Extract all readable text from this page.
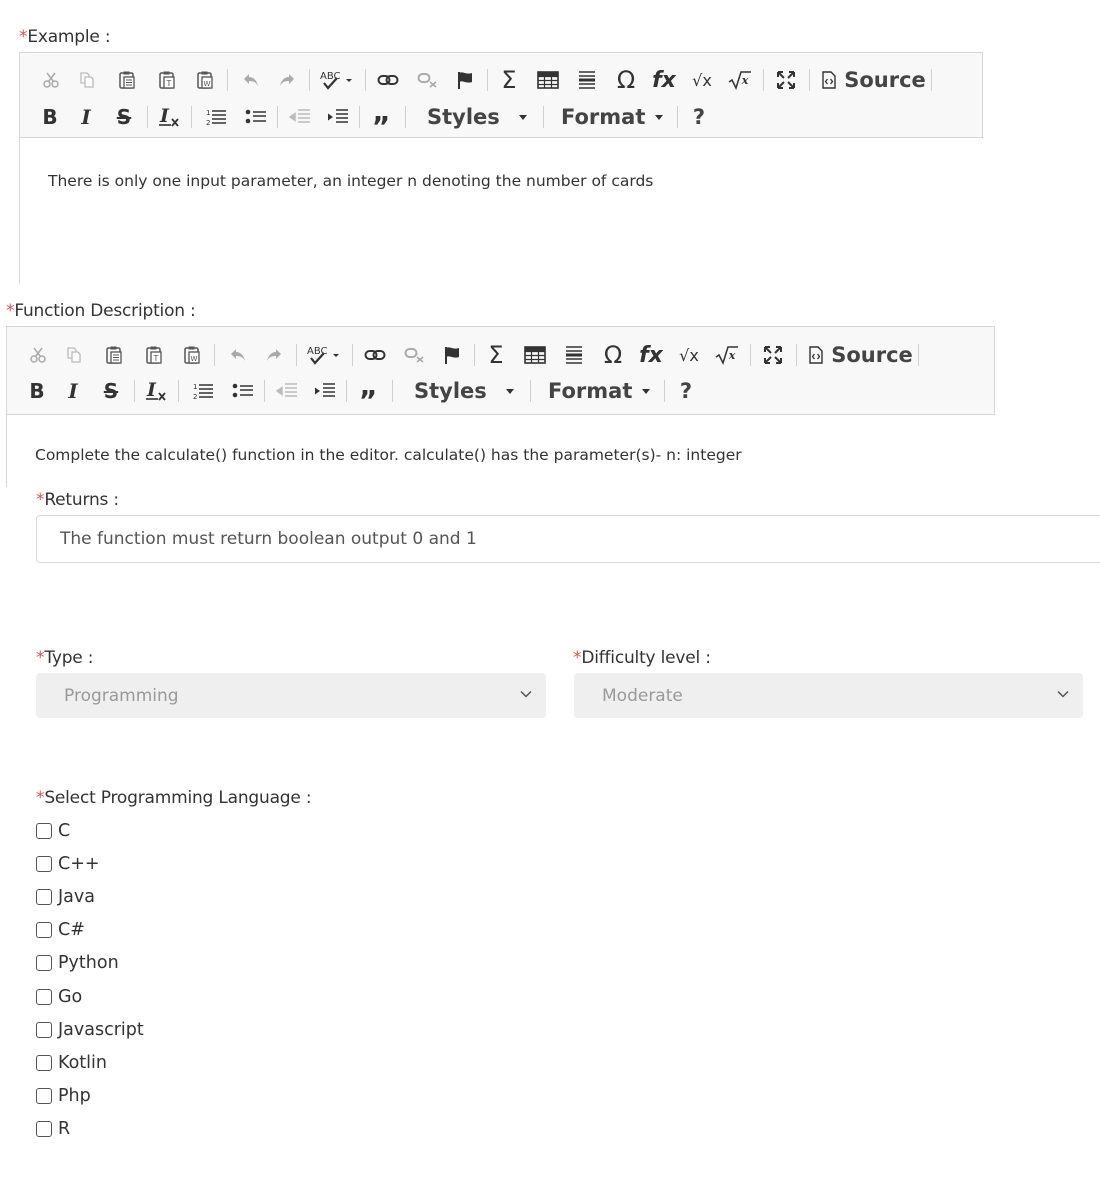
*Example :
T	W
ABC	Σ	Ω fx √x	x	Source
B	I	S I	1
2	” Styles	Format ?
There is only one input parameter, an integer n denoting the number of cards
*Function Description :
T	W
ABC	Σ	Ω fx √x	x	Source
B	I	S I	1
2	” Styles	Format ?
Complete the calculate() function in the editor. calculate() has the parameter(s)- n: integer
*Returns :
The function must return boolean output 0 and 1
*Type :
Programming
*Difficulty level :
Moderate
*Select Programming Language :
C
C++
Java
C#
Python
Go
Javascript
Kotlin
Php
R
